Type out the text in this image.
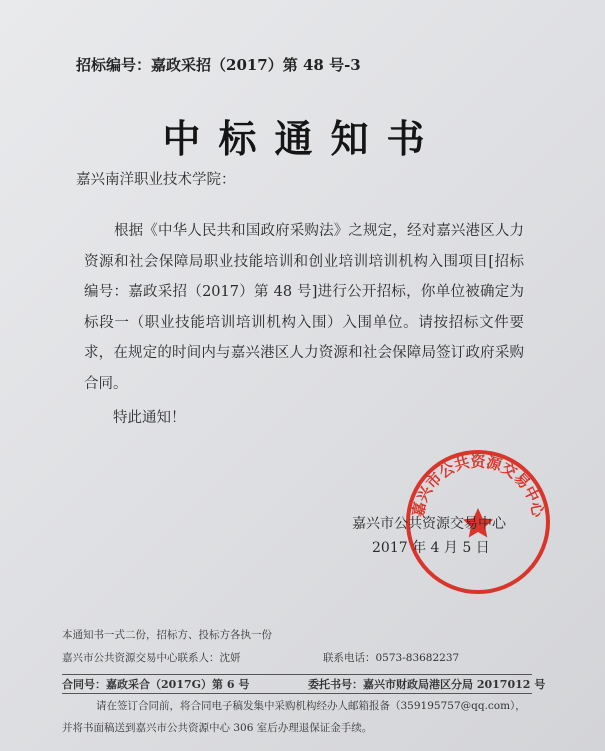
招标编号：嘉政采招（2017）第 48 号-3
中标通知书
嘉兴南洋职业技术学院：
根据《中华人民共和国政府采购法》之规定，经对嘉兴港区人力资源和社会保障局职业技能培训和创业培训培训机构入围项目[招标编号：嘉政采招（2017）第 48 号]进行公开招标，你单位被确定为标段一（职业技能培训培训机构入围）入围单位。请按招标文件要求，在规定的时间内与嘉兴港区人力资源和社会保障局签订政府采购合同。
特此通知！
嘉兴市公共资源交易中心
嘉兴市公共资源交易中心
2017 年 4 月 5 日
本通知书一式二份，招标方、投标方各执一份
嘉兴市公共资源交易中心联系人：沈妍	联系电话：0573-83682237
合同号：嘉政采合（2017G）第 6 号	委托书号：嘉兴市财政局港区分局 2017012 号
请在签订合同前，将合同电子稿发集中采购机构经办人邮箱报备（359195757@qq.com），
并将书面稿送到嘉兴市公共资源中心 306 室后办理退保证金手续。
